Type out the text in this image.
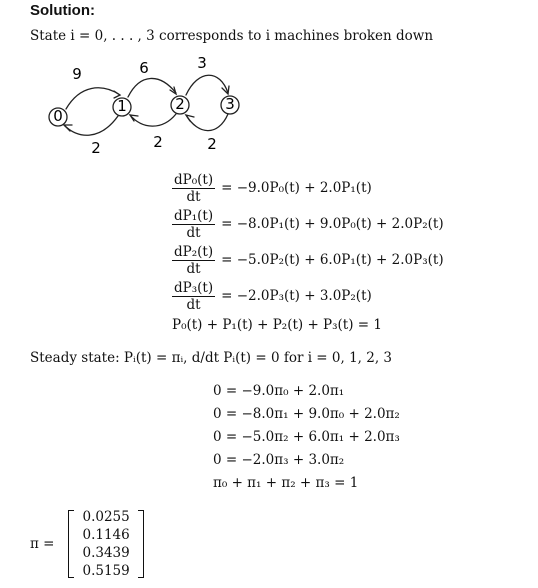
Solution:
State i = 0, . . . , 3 corresponds to i machines broken down
0
1	2	3
9	6	3
2	2	2
$\frac{\text{dP₀(t)}}{dt} = -9.0P_0(t) + 2.0P_1(t)$
$\frac{\text{dP₁(t)}}{dt} = -8.0P_1(t) + 9.0P_0(t) + 2.0P_2(t)$
$\frac{\text{dP₂(t)}}{dt} = -5.0P_2(t) + 6.0P_1(t) + 2.0P_3(t)$
$\frac{\text{dP₃(t)}}{dt} = -2.0P_3(t) + 3.0P_2(t)$
P₀(t) + P₁(t) + P₂(t) + P₃(t) = 1
Steady state: Pᵢ(t) = πᵢ, d/dt Pᵢ(t) = 0 for i = 0, 1, 2, 3
0 = −9.0π₀ + 2.0π₁
0 = −8.0π₁ + 9.0π₀ + 2.0π₂
0 = −5.0π₂ + 6.0π₁ + 2.0π₃
0 = −2.0π₃ + 3.0π₂
π₀ + π₁ + π₂ + π₃ = 1
π =
0.0255
0.1146
0.3439
0.5159
